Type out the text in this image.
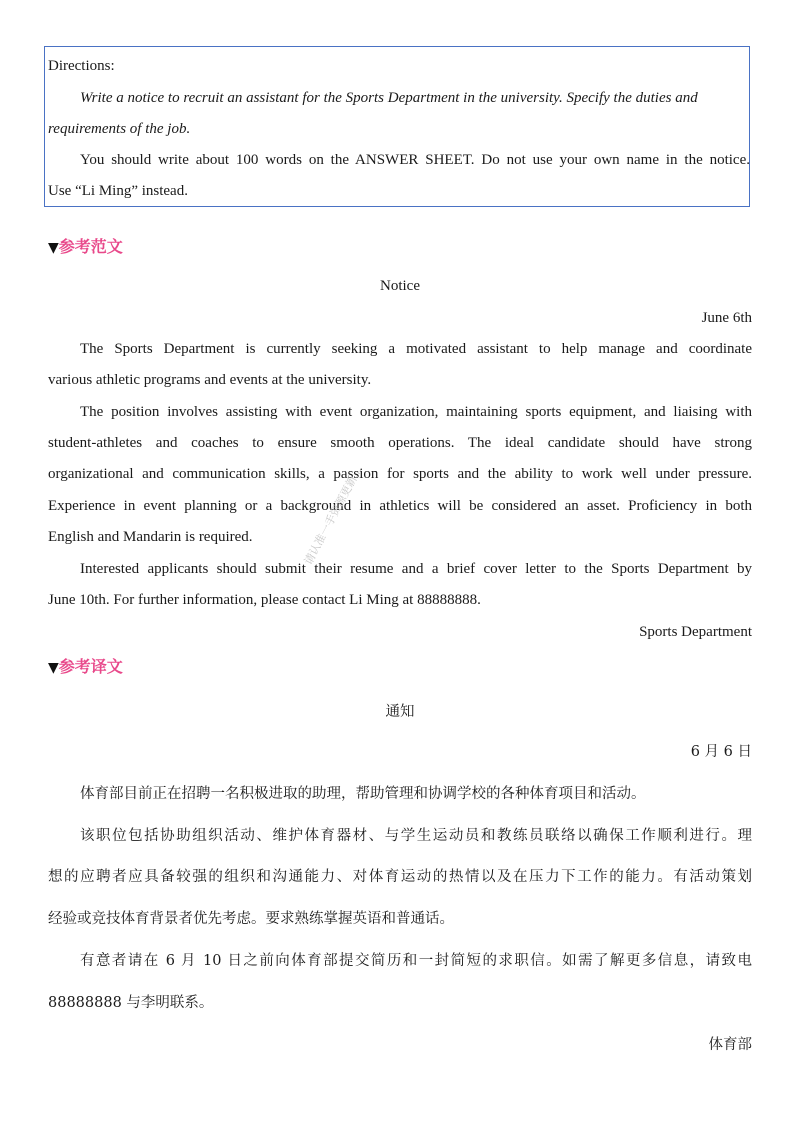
Directions:
Write a notice to recruit an assistant for the Sports Department in the university. Specify the duties and
requirements of the job.
You should write about 100 words on the ANSWER SHEET. Do not use your own name in the notice.
Use “Li Ming” instead.
▼参考范文
Notice
June 6th
The Sports Department is currently seeking a motivated assistant to help manage and coordinate
various athletic programs and events at the university.
The position involves assisting with event organization, maintaining sports equipment, and liaising with
student-athletes and coaches to ensure smooth operations. The ideal candidate should have strong
organizational and communication skills, a passion for sports and the ability to work well under pressure.
Experience in event planning or a background in athletics will be considered an asset. Proficiency in both
English and Mandarin is required.
Interested applicants should submit their resume and a brief cover letter to the Sports Department by
June 10th. For further information, please contact Li Ming at 88888888.
Sports Department
▼参考译文
通知
6 月 6 日
体育部目前正在招聘一名积极进取的助理，帮助管理和协调学校的各种体育项目和活动。
该职位包括协助组织活动、维护体育器材、与学生运动员和教练员联络以确保工作顺利进行。理
想的应聘者应具备较强的组织和沟通能力、对体育运动的热情以及在压力下工作的能力。有活动策划
经验或竞技体育背景者优先考虑。要求熟练掌握英语和普通话。
有意者请在 6 月 10 日之前向体育部提交简历和一封简短的求职信。如需了解更多信息，请致电
88888888 与李明联系。
体育部
请认准一手资源更新...
